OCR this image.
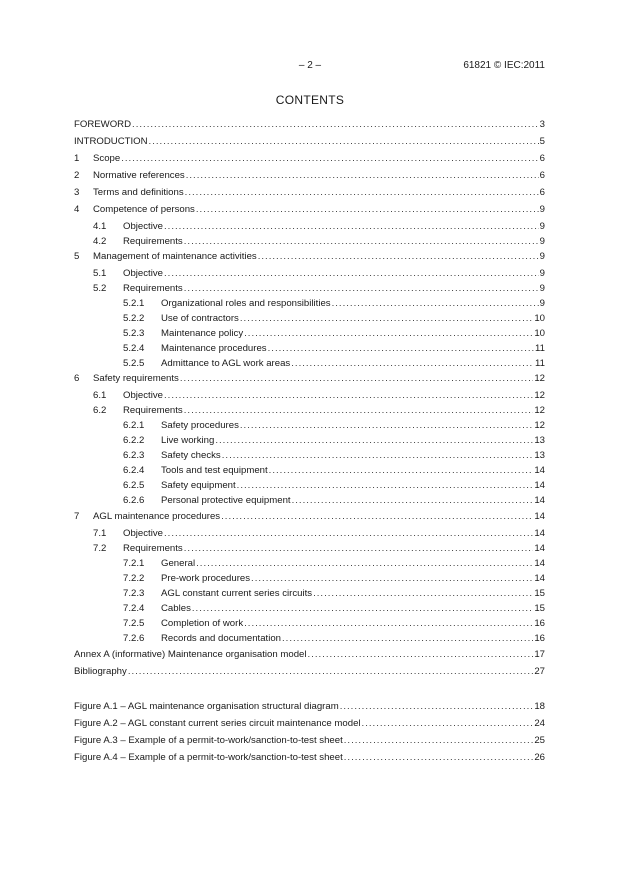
– 2 –	61821 © IEC:2011
CONTENTS
FOREWORD .....	3
INTRODUCTION .....	5
1	Scope .....	6
2	Normative references .....	6
3	Terms and definitions .....	6
4	Competence of persons .....	9
4.1	Objective .....	9
4.2	Requirements .....	9
5	Management of maintenance activities .....	9
5.1	Objective .....	9
5.2	Requirements .....	9
5.2.1	Organizational roles and responsibilities .....	9
5.2.2	Use of contractors .....	10
5.2.3	Maintenance policy .....	10
5.2.4	Maintenance procedures .....	11
5.2.5	Admittance to AGL work areas .....	11
6	Safety requirements .....	12
6.1	Objective .....	12
6.2	Requirements .....	12
6.2.1	Safety procedures .....	12
6.2.2	Live working .....	13
6.2.3	Safety checks .....	13
6.2.4	Tools and test equipment .....	14
6.2.5	Safety equipment .....	14
6.2.6	Personal protective equipment .....	14
7	AGL maintenance procedures .....	14
7.1	Objective .....	14
7.2	Requirements .....	14
7.2.1	General .....	14
7.2.2	Pre-work procedures .....	14
7.2.3	AGL constant current series circuits .....	15
7.2.4	Cables .....	15
7.2.5	Completion of work .....	16
7.2.6	Records and documentation .....	16
Annex A (informative) Maintenance organisation model .....	17
Bibliography .....	27
Figure A.1 – AGL maintenance organisation structural diagram .....	18
Figure A.2 – AGL constant current series circuit maintenance model .....	24
Figure A.3 – Example of a permit-to-work/sanction-to-test sheet .....	25
Figure A.4 – Example of a permit-to-work/sanction-to-test sheet .....	26
